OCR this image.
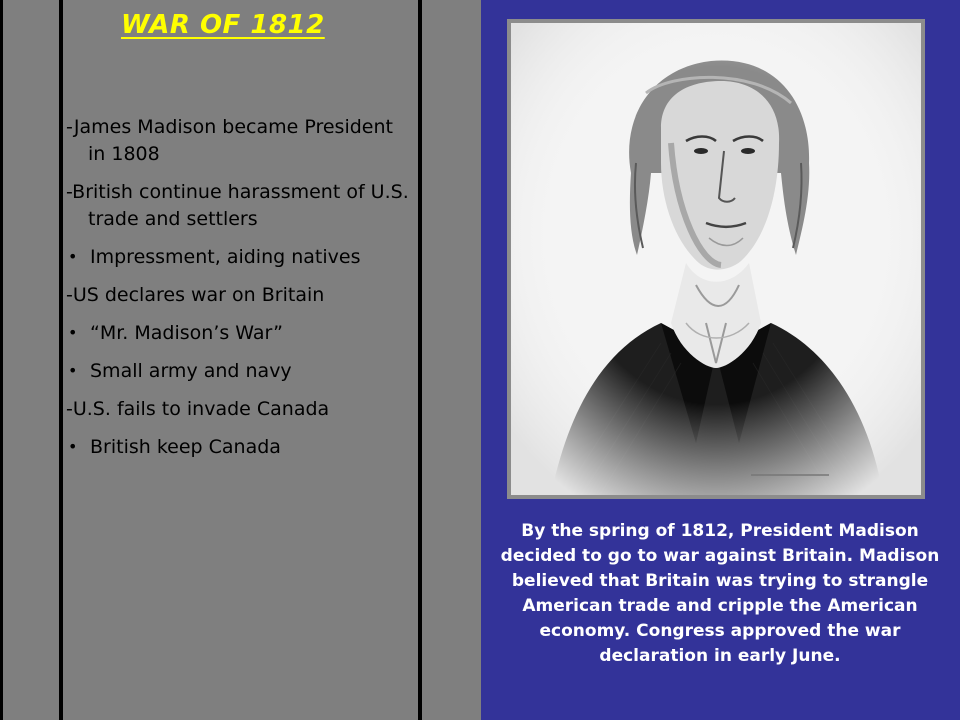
WAR OF 1812
-James Madison became President in 1808
-British continue harassment of U.S. trade and settlers
• Impressment, aiding natives
-US declares war on Britain
• “Mr. Madison’s War”
• Small army and navy
-U.S. fails to invade Canada
• British keep Canada

By the spring of 1812, President Madison decided to go to war against Britain. Madison believed that Britain was trying to strangle American trade and cripple the American economy. Congress approved the war declaration in early June.
